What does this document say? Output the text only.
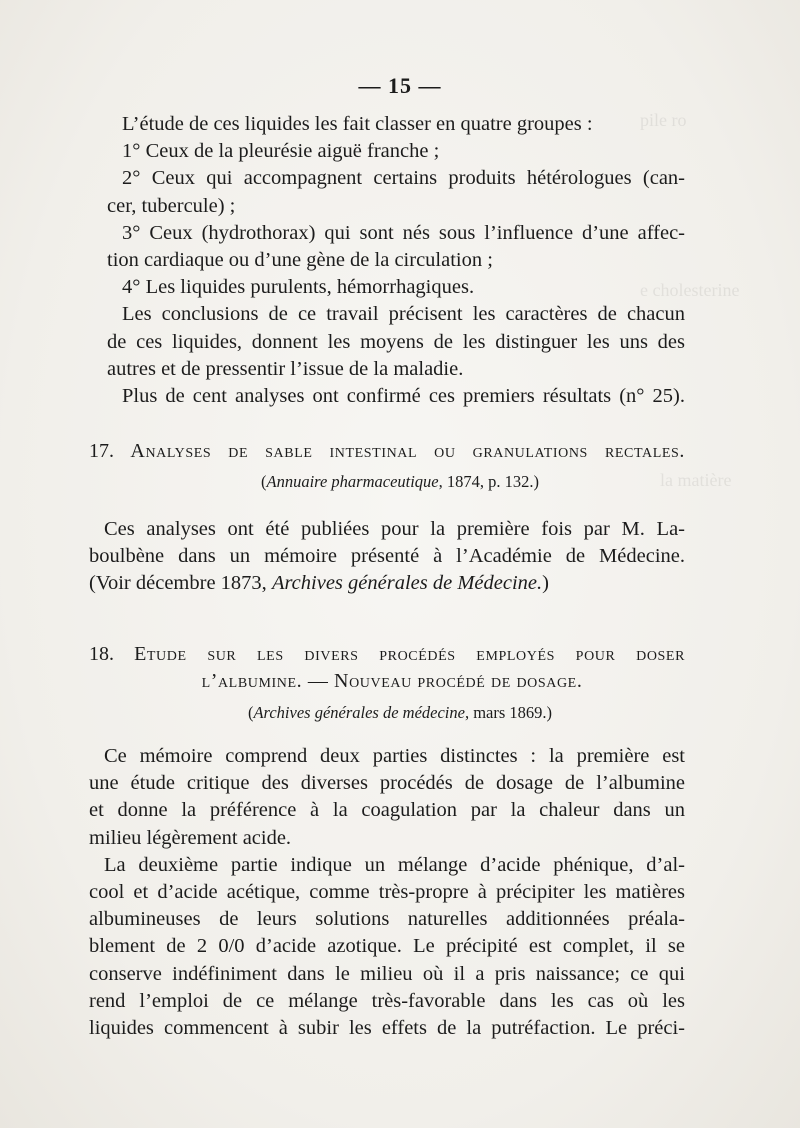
pile ro
e cholesterine
la matière
— 15 —
L’étude de ces liquides les fait classer en quatre groupes :
1° Ceux de la pleurésie aiguë franche ;
2° Ceux qui accompagnent certains produits hétérologues (can-
cer, tubercule) ;
3° Ceux (hydrothorax) qui sont nés sous l’influence d’une affec-
tion cardiaque ou d’une gène de la circulation ;
4° Les liquides purulents, hémorrhagiques.
Les conclusions de ce travail précisent les caractères de chacun
de ces liquides, donnent les moyens de les distinguer les uns des
autres et de pressentir l’issue de la maladie.
Plus de cent analyses ont confirmé ces premiers résultats (n° 25).
17. Analyses de sable intestinal ou granulations rectales.
(Annuaire pharmaceutique, 1874, p. 132.)
Ces analyses ont été publiées pour la première fois par M. La-
boulbène dans un mémoire présenté à l’Académie de Médecine.
(Voir décembre 1873, Archives générales de Médecine.)
18. Etude sur les divers procédés employés pour doser
l’albumine. — Nouveau procédé de dosage.
(Archives générales de médecine, mars 1869.)
Ce mémoire comprend deux parties distinctes : la première est
une étude critique des diverses procédés de dosage de l’albumine
et donne la préférence à la coagulation par la chaleur dans un
milieu légèrement acide.
La deuxième partie indique un mélange d’acide phénique, d’al-
cool et d’acide acétique, comme très-propre à précipiter les matières
albumineuses de leurs solutions naturelles additionnées préala-
blement de 2 0/0 d’acide azotique. Le précipité est complet, il se
conserve indéfiniment dans le milieu où il a pris naissance; ce qui
rend l’emploi de ce mélange très-favorable dans les cas où les
liquides commencent à subir les effets de la putréfaction. Le préci-
